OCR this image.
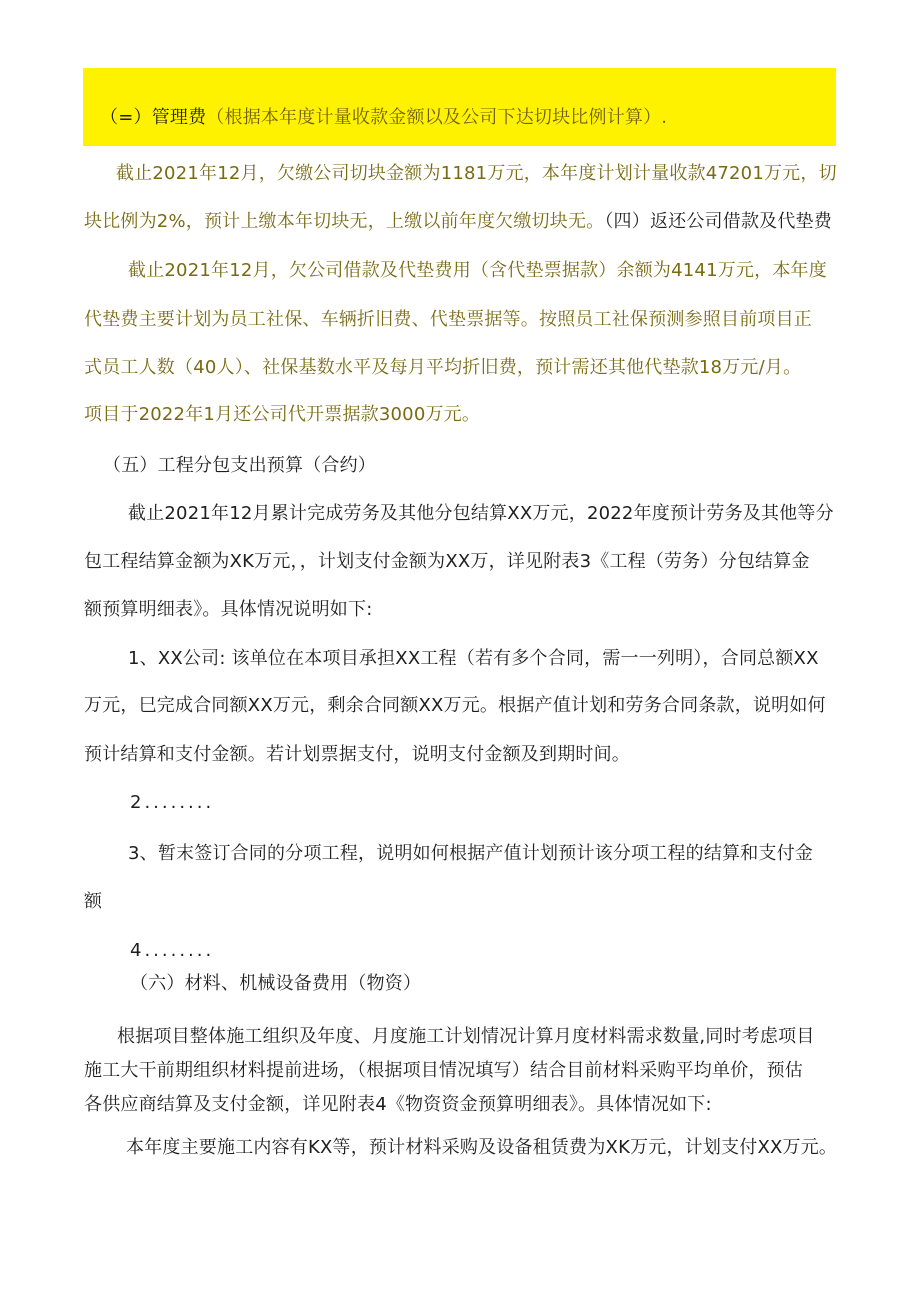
（=）管理费（根据本年度计量收款金额以及公司下达切块比例计算）.
截止2021年12月，欠缴公司切块金额为1181万元，本年度计划计量收款47201万元，切
块比例为2%，预计上缴本年切块无，上缴以前年度欠缴切块无。（四）返还公司借款及代垫费
截止2021年12月，欠公司借款及代垫费用（含代垫票据款）余额为4141万元，本年度
代垫费主要计划为员工社保、车辆折旧费、代垫票据等。按照员工社保预测参照目前项目正
式员工人数（40人）、社保基数水平及每月平均折旧费，预计需还其他代垫款18万元/月。
项目于2022年1月还公司代开票据款3000万元。
（五）工程分包支出预算（合约）
截止2021年12月累计完成劳务及其他分包结算XX万元，2022年度预计劳务及其他等分
包工程结算金额为XK万元，，计划支付金额为XX万，详见附表3《工程（劳务）分包结算金
额预算明细表》。具体情况说明如下:
1、XX公司: 该单位在本项目承担XX工程（若有多个合同，需一一列明），合同总额XX
万元，巳完成合同额XX万元，剩余合同额XX万元。根据产值计划和劳务合同条款，说明如何
预计结算和支付金额。若计划票据支付，说明支付金额及到期时间。
2........
3、暂末签订合同的分项工程，说明如何根据产值计划预计该分项工程的结算和支付金
额
4........
（六）材料、机械设备费用（物资）
根据项目整体施工组织及年度、月度施工计划情况计算月度材料需求数量,同时考虑项目
施工大干前期组织材料提前进场，（根据项目情况填写）结合目前材料采购平均单价，预估
各供应商结算及支付金额，详见附表4《物资资金预算明细表》。具体情况如下:
本年度主要施工内容有KX等，预计材料采购及设备租赁费为XK万元，计划支付XX万元。
